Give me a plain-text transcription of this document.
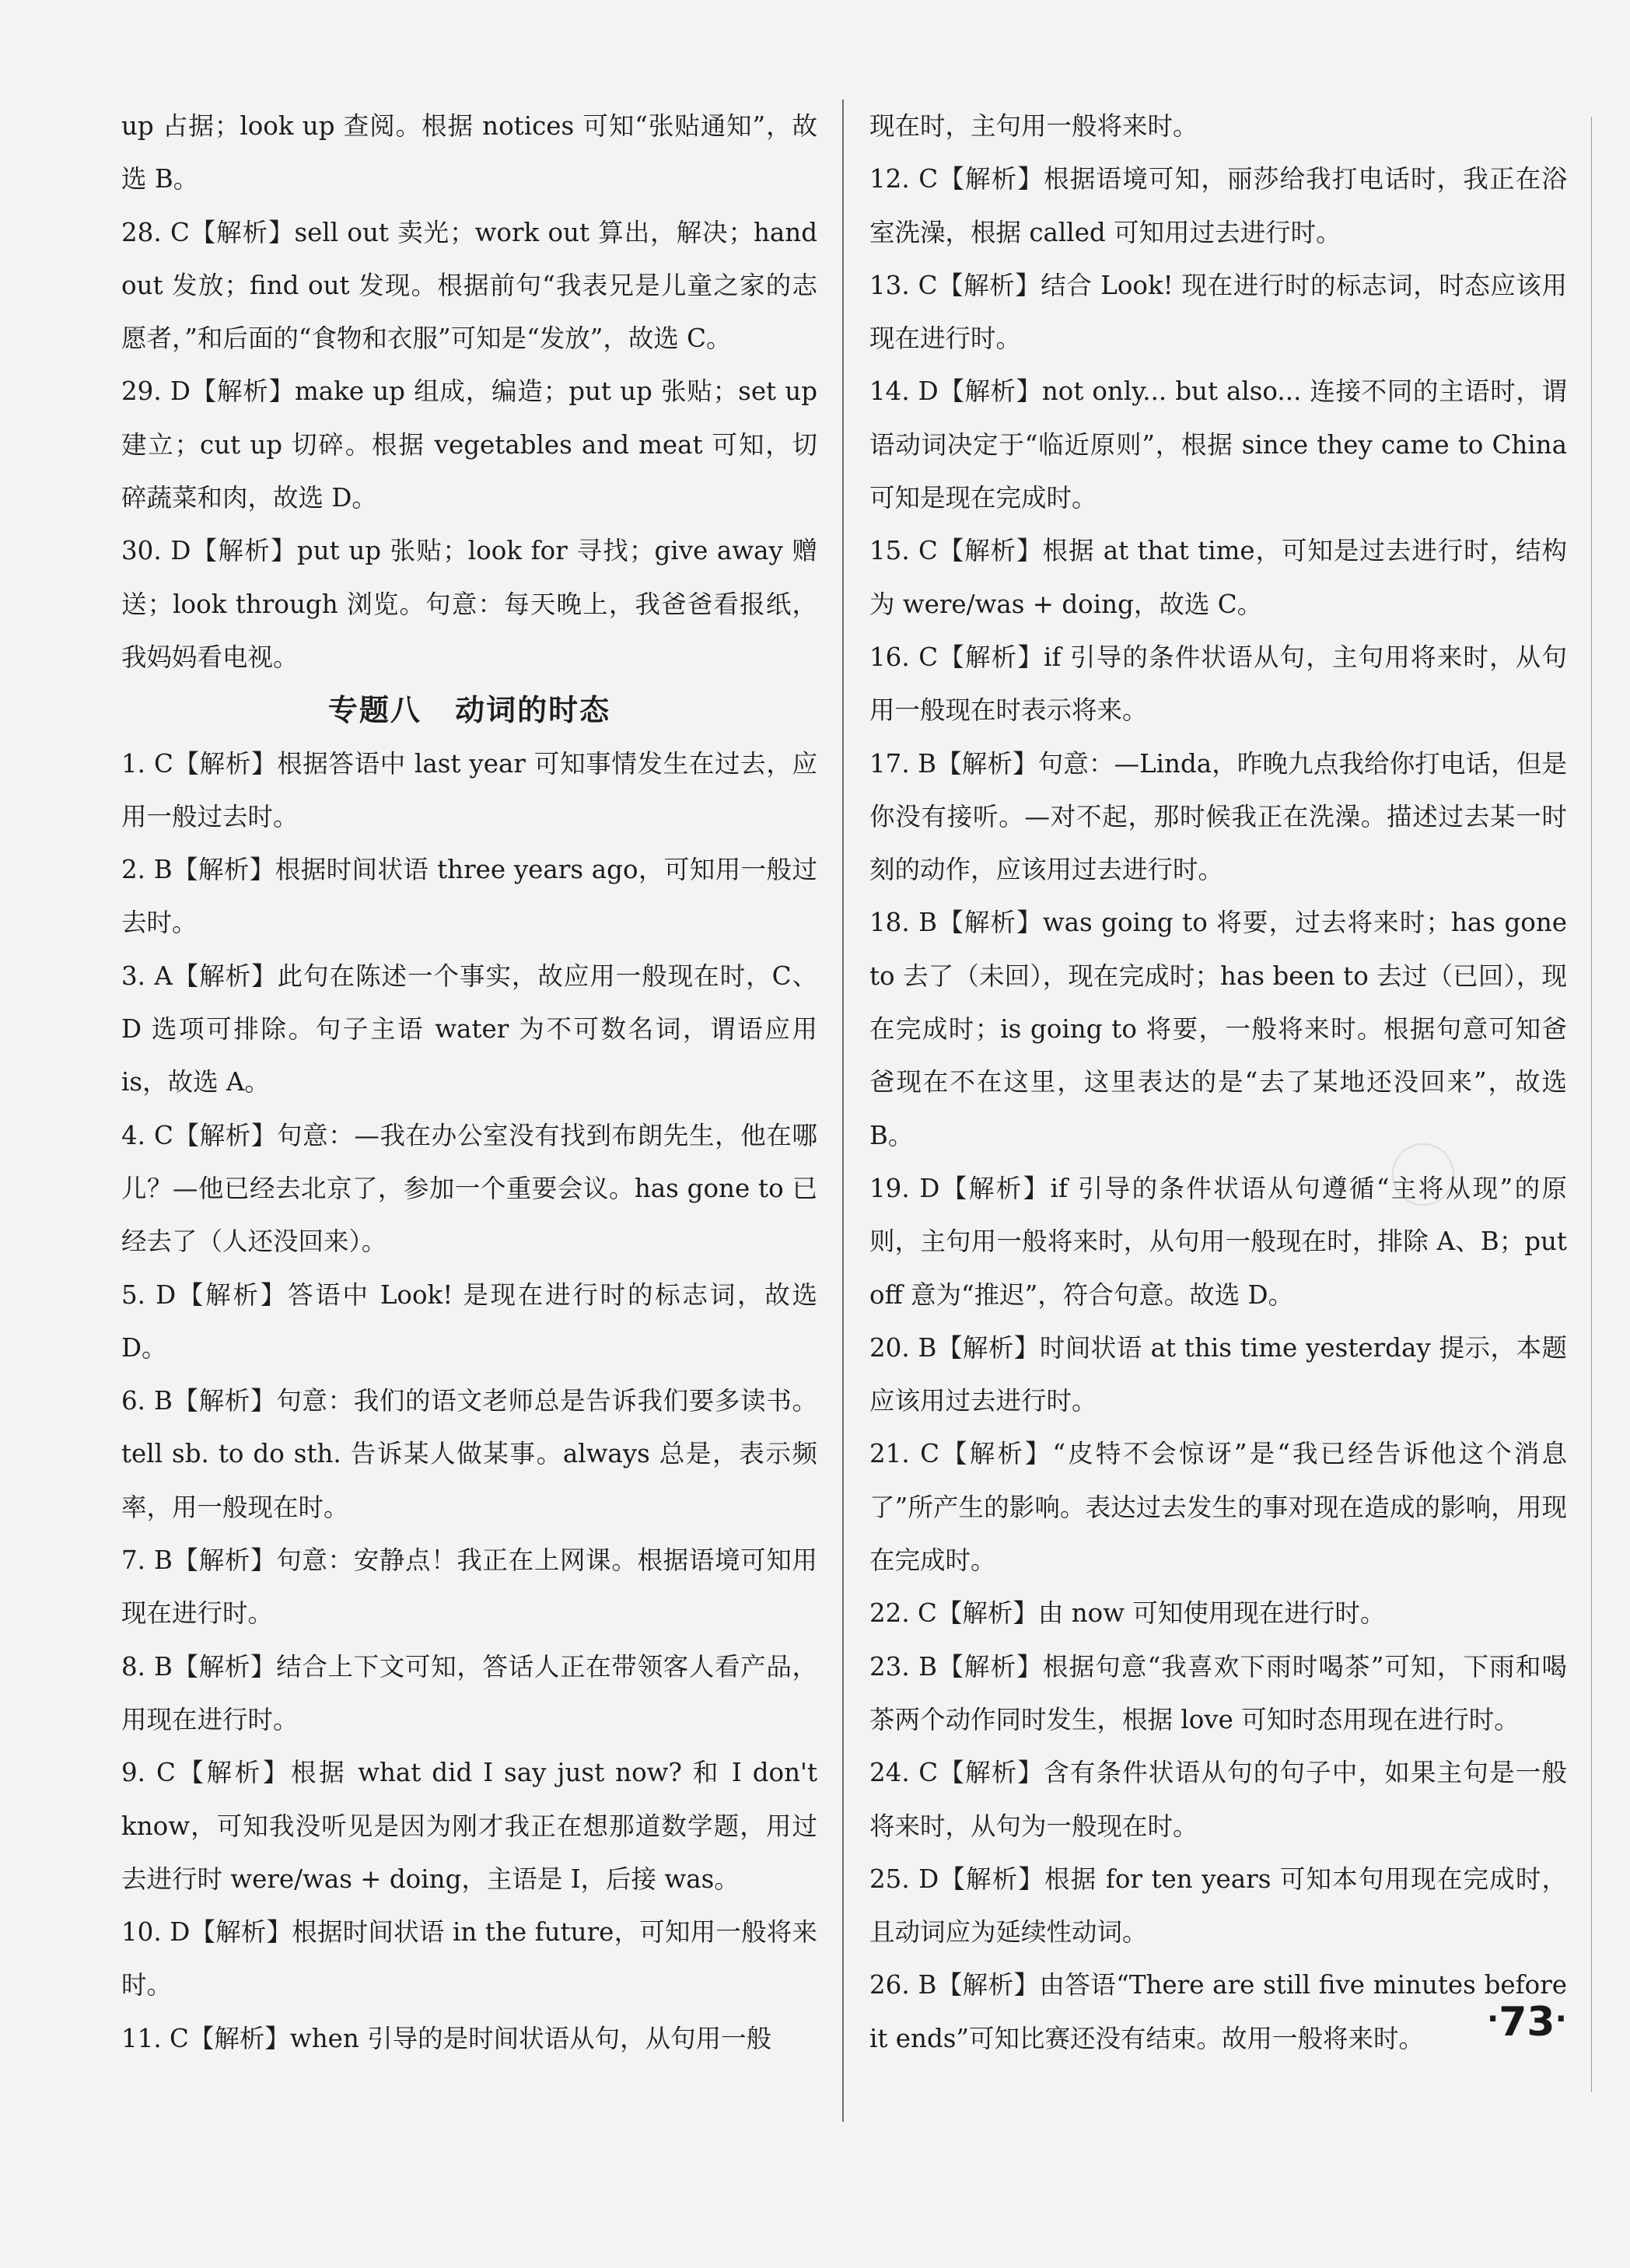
up 占据；look up 查阅。根据 notices 可知“张贴通知”，故选 B。

28. C【解析】sell out 卖光；work out 算出，解决；hand out 发放；find out 发现。根据前句“我表兄是儿童之家的志愿者，”和后面的“食物和衣服”可知是“发放”，故选 C。

29. D【解析】make up 组成，编造；put up 张贴；set up 建立；cut up 切碎。根据 vegetables and meat 可知，切碎蔬菜和肉，故选 D。

30. D【解析】put up 张贴；look for 寻找；give away 赠送；look through 浏览。句意：每天晚上，我爸爸看报纸，我妈妈看电视。

专题八 动词的时态

1. C【解析】根据答语中 last year 可知事情发生在过去，应用一般过去时。

2. B【解析】根据时间状语 three years ago，可知用一般过去时。

3. A【解析】此句在陈述一个事实，故应用一般现在时，C、D 选项可排除。句子主语 water 为不可数名词，谓语应用 is，故选 A。

4. C【解析】句意：—我在办公室没有找到布朗先生，他在哪儿？—他已经去北京了，参加一个重要会议。has gone to 已经去了（人还没回来）。

5. D【解析】答语中 Look! 是现在进行时的标志词，故选 D。

6. B【解析】句意：我们的语文老师总是告诉我们要多读书。tell sb. to do sth. 告诉某人做某事。always 总是，表示频率，用一般现在时。

7. B【解析】句意：安静点！我正在上网课。根据语境可知用现在进行时。

8. B【解析】结合上下文可知，答话人正在带领客人看产品，用现在进行时。

9. C【解析】根据 what did I say just now? 和 I don't know，可知我没听见是因为刚才我正在想那道数学题，用过去进行时 were/was + doing，主语是 I，后接 was。

10. D【解析】根据时间状语 in the future，可知用一般将来时。

11. C【解析】when 引导的是时间状语从句，从句用一般

现在时，主句用一般将来时。

12. C【解析】根据语境可知，丽莎给我打电话时，我正在浴室洗澡，根据 called 可知用过去进行时。

13. C【解析】结合 Look! 现在进行时的标志词，时态应该用现在进行时。

14. D【解析】not only... but also... 连接不同的主语时，谓语动词决定于“临近原则”，根据 since they came to China 可知是现在完成时。

15. C【解析】根据 at that time，可知是过去进行时，结构为 were/was + doing，故选 C。

16. C【解析】if 引导的条件状语从句，主句用将来时，从句用一般现在时表示将来。

17. B【解析】句意：—Linda，昨晚九点我给你打电话，但是你没有接听。—对不起，那时候我正在洗澡。描述过去某一时刻的动作，应该用过去进行时。

18. B【解析】was going to 将要，过去将来时；has gone to 去了（未回），现在完成时；has been to 去过（已回），现在完成时；is going to 将要，一般将来时。根据句意可知爸爸现在不在这里，这里表达的是“去了某地还没回来”，故选 B。

19. D【解析】if 引导的条件状语从句遵循“主将从现”的原则，主句用一般将来时，从句用一般现在时，排除 A、B；put off 意为“推迟”，符合句意。故选 D。

20. B【解析】时间状语 at this time yesterday 提示，本题应该用过去进行时。

21. C【解析】“皮特不会惊讶”是“我已经告诉他这个消息了”所产生的影响。表达过去发生的事对现在造成的影响，用现在完成时。

22. C【解析】由 now 可知使用现在进行时。

23. B【解析】根据句意“我喜欢下雨时喝茶”可知，下雨和喝茶两个动作同时发生，根据 love 可知时态用现在进行时。

24. C【解析】含有条件状语从句的句子中，如果主句是一般将来时，从句为一般现在时。

25. D【解析】根据 for ten years 可知本句用现在完成时，且动词应为延续性动词。

26. B【解析】由答语“There are still five minutes before it ends”可知比赛还没有结束。故用一般将来时。

·73·
